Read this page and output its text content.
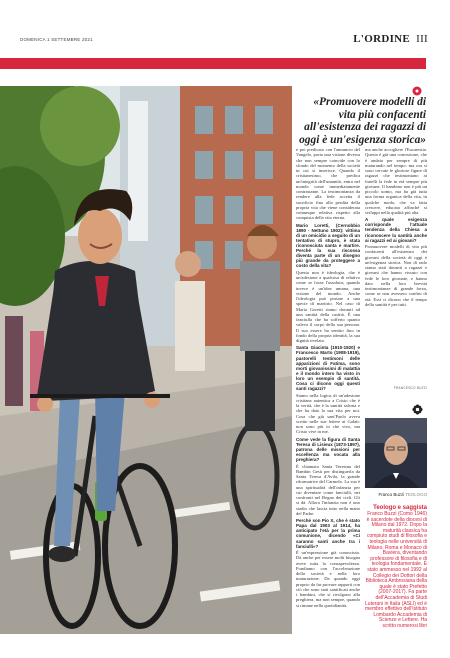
DOMENICA 1 SETTEMBRE 2021	L'ORDINE III
«Promuovere modelli di vita più confacenti all'esistenza dei ragazzi di oggi è un'esigenza storica»

e poi predicato con l'annuncio del Vangelo, porta una visione diversa che non sempre coincide con lo sfondo del momento della società in cui si inserisce. Quando il cristianesimo, che predica un'integrità dell'umanità, entra nel mondo come immediatamente contrastante. La testimonianza da rendere alla fede accetta il sacrificio fino alla perdita della propria vita che viene considerata comunque relativa rispetto alla conquista della vita eterna.

Mario Loretti, (Cernobbio 1890 - Nettuno 1902): vittima di un omicidio a seguito di un tentativo di stupro, è stata riconosciuta santa e martire. Perché la sua riscossa diventa parte di un disegno più grande da proteggere a costo della vita?

Questa non è ideologia, che è un'adesione a qualcosa di relativo come se fosse l'assoluto; quando invece è un'idea umana, una visione del mondo. Anche l'ideologia può portare a una specie di martirio. Nel caso di Maria Goretti siamo davanti ad una santità della castità. È una fanciulla che ha sofferto quanto valeva il corpo della sua persona. Il suo essere ha sentito fino in fondo della propria identità, la sua dignità rivelata.

Santa Giacinta (1910-1920) e Francesco Marto (1908-1919), pastorelli testimoni delle apparizioni di Fatima, sono morti giovanissimi di malattia e il mondo intero ha visto in loro un esempio di santità. Cosa ci dicono oggi questi santi ragazzi?

Siamo nella logica di un'adesione cristiana autentica a Cristo che è la verità, che è la santità salvata e che ha dato la sua vita per noi. Cosa che già sant'Paolo aveva scritto nelle sue lettere ai Galati: non sono più io che vivo, ma Cristo vive in me.

Come vede la figura di Santa Teresa di Lisieux (1873-1897), patrona delle missioni per eccellenza ma vocata alla preghiera?

È chiamata Santa Teresina del Bambin Gesù per distinguerla da Santa Teresa d'Avila, la grande riformatrice del Carmelo. La sua è una spiritualità dell'infanzia per cui diventare come fanciulli, nei confronti nel Regno dei cieli. Gli si dà. Allora l'infanzia non è uno stadio che lascia tutto nella mano del Padre.

Perché son Pio X, che è stato Papa dal 1903 al 1914, ha anticipato l'età per la prima comunione, dicendo «Ci saranno santi anche tra i fanciulli»?

È un'espressione già conosciuta. Dà anche per essere molti bisogna avere tutta la consapevolezza. Fondiamo con l'accelerazione della società e nella loro maturazione. Da quando oggi proprio da far provare rapporti con ciò che sono stati santificati anche i bambini, che si rivolgono alla preghiera, ma non sempre, quando si rimane nella quotidianità.

ma anche accogliere l'Eucarestia. Questa è già una concezione, che è andata per sempre di più maturando nel tempo: ma ora si sono cercate le gloriose figure di ragazzi che testimoniano ai fratelli la fede in età sempre più giovane. Il bambino non è più un piccolo uomo, ma ha già tutta una forma organica della vita, in qualche modo, che va fatta crescere, educata affinché si sviluppi nella qualità più alta.

A quale esigenza corrisponde l'attuale tendenza della Chiesa a riconoscere la santità anche ai ragazzi ed ai giovani?

Promuovere modelli di vita più confacenti all'esistenza dei giovani della società di oggi è un'esigenza storica. Non di rado siamo stati davanti a ragazzi e giovani che hanno vissuto con fede le loro giornate, e hanno dato nella loro brevità testimonianze di grande forza, come se non avessero confini di età. Essi ci dicono che il tempo della santità è per tutti.

FRANCESCO BUZZI
Franco Buzzi TEOLOGO
Teologo e saggista
Franco Buzzi (Como 1946) è sacerdote della diocesi di Milano dal 1972. Dopo la maturità classica ha compiuto studi di filosofia e teologia nelle università di Milano, Roma e Monaco di Baviera, diventando professore di filosofia e di teologia fondamentale. È stato ammesso nel 1992 al Collegio dei Dottori della Biblioteca Ambrosiana della quale è stato Prefetto (2007-2017). Fa parte dell'Accademia di Studi Luterani in Italia (ASLI) ed è membro effettivo dell'Istituto Lombardo Accademia di Scienze e Lettere. Ha scritto numerosi libri
